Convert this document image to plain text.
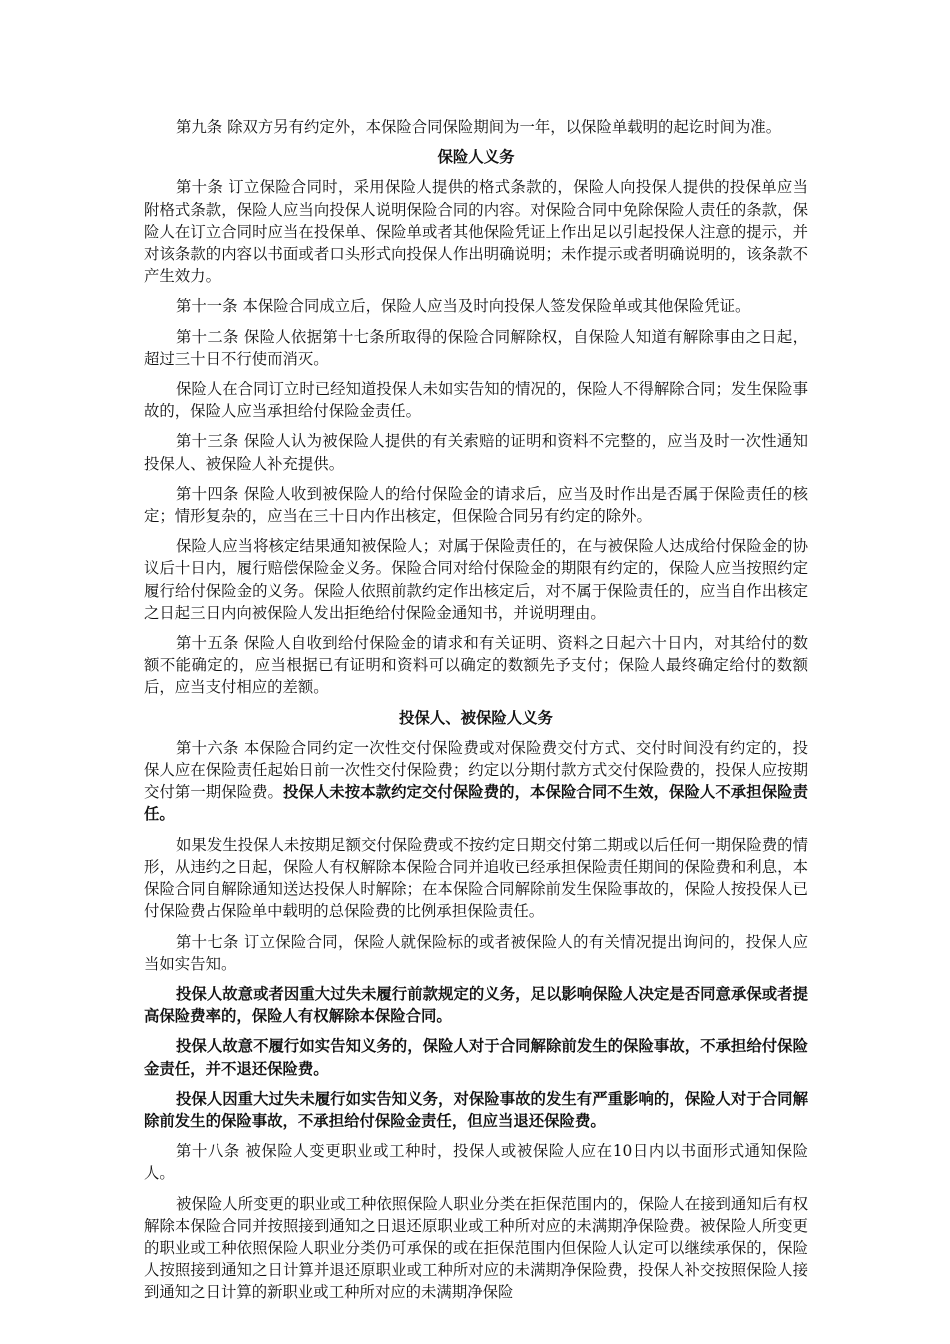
第九条 除双方另有约定外，本保险合同保险期间为一年，以保险单载明的起讫时间为准。

保险人义务

第十条 订立保险合同时，采用保险人提供的格式条款的，保险人向投保人提供的投保单应当附格式条款，保险人应当向投保人说明保险合同的内容。对保险合同中免除保险人责任的条款，保险人在订立合同时应当在投保单、保险单或者其他保险凭证上作出足以引起投保人注意的提示，并对该条款的内容以书面或者口头形式向投保人作出明确说明；未作提示或者明确说明的，该条款不产生效力。

第十一条 本保险合同成立后，保险人应当及时向投保人签发保险单或其他保险凭证。

第十二条 保险人依据第十七条所取得的保险合同解除权，自保险人知道有解除事由之日起，超过三十日不行使而消灭。

保险人在合同订立时已经知道投保人未如实告知的情况的，保险人不得解除合同；发生保险事故的，保险人应当承担给付保险金责任。

第十三条 保险人认为被保险人提供的有关索赔的证明和资料不完整的，应当及时一次性通知投保人、被保险人补充提供。

第十四条 保险人收到被保险人的给付保险金的请求后，应当及时作出是否属于保险责任的核定；情形复杂的，应当在三十日内作出核定，但保险合同另有约定的除外。

保险人应当将核定结果通知被保险人；对属于保险责任的，在与被保险人达成给付保险金的协议后十日内，履行赔偿保险金义务。保险合同对给付保险金的期限有约定的，保险人应当按照约定履行给付保险金的义务。保险人依照前款约定作出核定后，对不属于保险责任的，应当自作出核定之日起三日内向被保险人发出拒绝给付保险金通知书，并说明理由。

第十五条 保险人自收到给付保险金的请求和有关证明、资料之日起六十日内，对其给付的数额不能确定的，应当根据已有证明和资料可以确定的数额先予支付；保险人最终确定给付的数额后，应当支付相应的差额。

投保人、被保险人义务

第十六条 本保险合同约定一次性交付保险费或对保险费交付方式、交付时间没有约定的，投保人应在保险责任起始日前一次性交付保险费；约定以分期付款方式交付保险费的，投保人应按期交付第一期保险费。投保人未按本款约定交付保险费的，本保险合同不生效，保险人不承担保险责任。

如果发生投保人未按期足额交付保险费或不按约定日期交付第二期或以后任何一期保险费的情形，从违约之日起，保险人有权解除本保险合同并追收已经承担保险责任期间的保险费和利息，本保险合同自解除通知送达投保人时解除；在本保险合同解除前发生保险事故的，保险人按投保人已付保险费占保险单中载明的总保险费的比例承担保险责任。

第十七条 订立保险合同，保险人就保险标的或者被保险人的有关情况提出询问的，投保人应当如实告知。

投保人故意或者因重大过失未履行前款规定的义务，足以影响保险人决定是否同意承保或者提高保险费率的，保险人有权解除本保险合同。

投保人故意不履行如实告知义务的，保险人对于合同解除前发生的保险事故，不承担给付保险金责任，并不退还保险费。

投保人因重大过失未履行如实告知义务，对保险事故的发生有严重影响的，保险人对于合同解除前发生的保险事故，不承担给付保险金责任，但应当退还保险费。

第十八条 被保险人变更职业或工种时，投保人或被保险人应在10日内以书面形式通知保险人。

被保险人所变更的职业或工种依照保险人职业分类在拒保范围内的，保险人在接到通知后有权解除本保险合同并按照接到通知之日退还原职业或工种所对应的未满期净保险费。被保险人所变更的职业或工种依照保险人职业分类仍可承保的或在拒保范围内但保险人认定可以继续承保的，保险人按照接到通知之日计算并退还原职业或工种所对应的未满期净保险费，投保人补交按照保险人接到通知之日计算的新职业或工种所对应的未满期净保险
